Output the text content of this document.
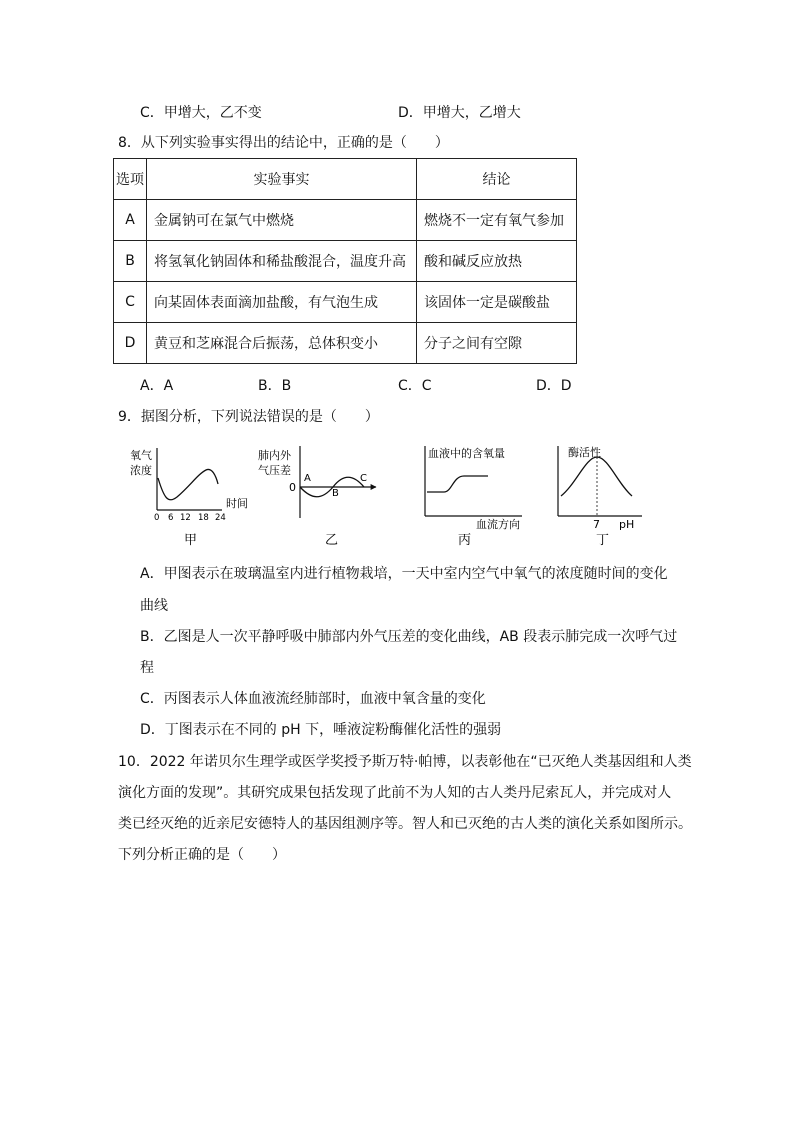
C．甲增大，乙不变	D．甲增大，乙增大
8．从下列实验事实得出的结论中，正确的是（　　）
选项	实验事实	结论
A	金属钠可在氯气中燃烧	燃烧不一定有氧气参加
B	将氢氧化钠固体和稀盐酸混合，温度升高	酸和碱反应放热
C	向某固体表面滴加盐酸，有气泡生成	该固体一定是碳酸盐
D	黄豆和芝麻混合后振荡，总体积变小	分子之间有空隙
A．A	B．B	C．C	D．D
9．据图分析，下列说法错误的是（　　）
氧气
浓度
时间
0 6 12 18 24
甲
肺内外
气压差
0
A
B
C
乙
血液中的含氧量
血流方向
丙
酶活性
7 pH
丁
A．甲图表示在玻璃温室内进行植物栽培，一天中室内空气中氧气的浓度随时间的变化
曲线
B．乙图是人一次平静呼吸中肺部内外气压差的变化曲线，AB 段表示肺完成一次呼气过
程
C．丙图表示人体血液流经肺部时，血液中氧含量的变化
D．丁图表示在不同的 pH 下，唾液淀粉酶催化活性的强弱
10．2022 年诺贝尔生理学或医学奖授予斯万特·帕博，以表彰他在“已灭绝人类基因组和人类
演化方面的发现”。其研究成果包括发现了此前不为人知的古人类丹尼索瓦人，并完成对人
类已经灭绝的近亲尼安德特人的基因组测序等。智人和已灭绝的古人类的演化关系如图所示。
下列分析正确的是（　　）
